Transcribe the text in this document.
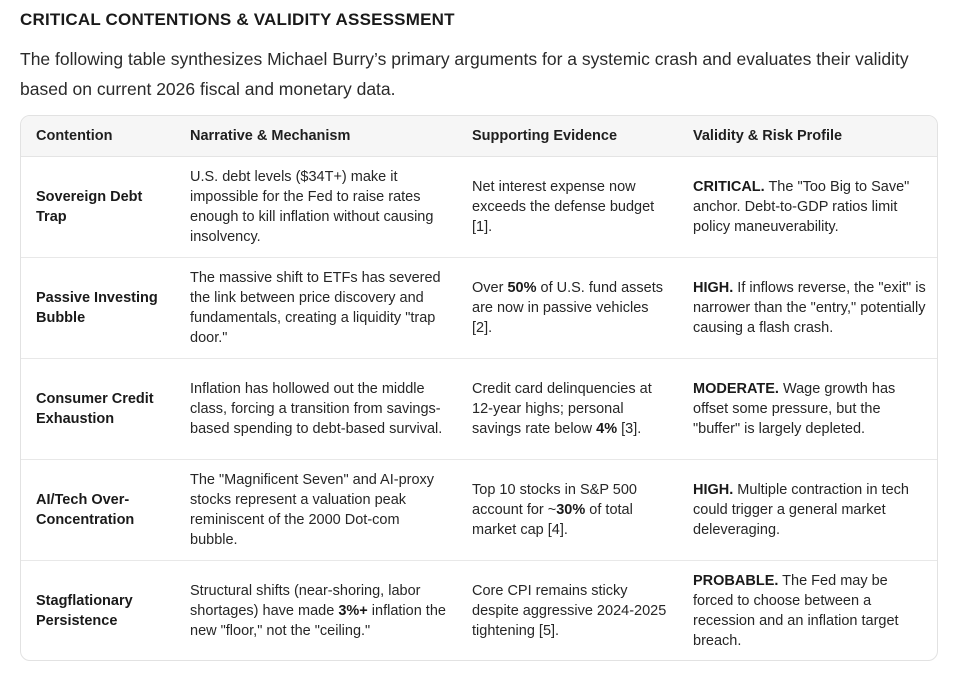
CRITICAL CONTENTIONS & VALIDITY ASSESSMENT
The following table synthesizes Michael Burry’s primary arguments for a systemic crash and evaluates their validity based on current 2026 fiscal and monetary data.
Contention	Narrative & Mechanism	Supporting Evidence	Validity & Risk Profile
Sovereign Debt Trap	U.S. debt levels ($34T+) make it impossible for the Fed to raise rates enough to kill inflation without causing insolvency.	Net interest expense now exceeds the defense budget [1].	CRITICAL. The "Too Big to Save" anchor. Debt-to-GDP ratios limit policy maneuverability.
Passive Investing Bubble	The massive shift to ETFs has severed the link between price discovery and fundamentals, creating a liquidity "trap door."	Over 50% of U.S. fund assets are now in passive vehicles [2].	HIGH. If inflows reverse, the "exit" is narrower than the "entry," potentially causing a flash crash.
Consumer Credit Exhaustion	Inflation has hollowed out the middle class, forcing a transition from savings-based spending to debt-based survival.	Credit card delinquencies at 12-year highs; personal savings rate below 4% [3].	MODERATE. Wage growth has offset some pressure, but the "buffer" is largely depleted.
AI/Tech Over-Concentration	The "Magnificent Seven" and AI-proxy stocks represent a valuation peak reminiscent of the 2000 Dot-com bubble.	Top 10 stocks in S&P 500 account for ~30% of total market cap [4].	HIGH. Multiple contraction in tech could trigger a general market deleveraging.
Stagflationary Persistence	Structural shifts (near-shoring, labor shortages) have made 3%+ inflation the new "floor," not the "ceiling."	Core CPI remains sticky despite aggressive 2024-2025 tightening [5].	PROBABLE. The Fed may be forced to choose between a recession and an inflation target breach.
